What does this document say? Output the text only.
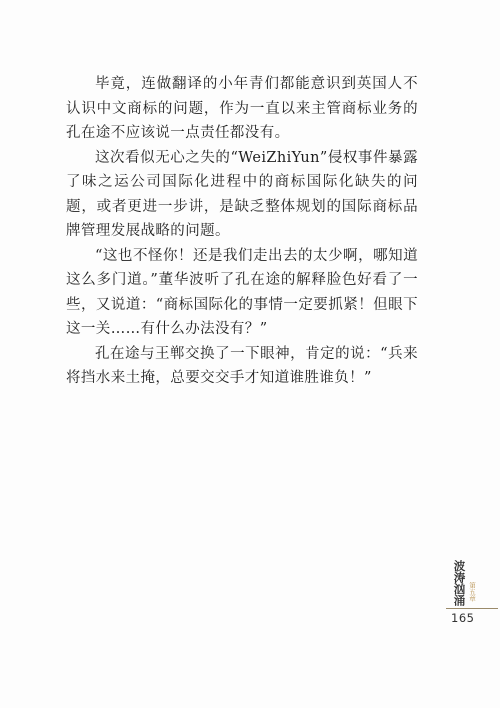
毕竟，连做翻译的小年青们都能意识到英国人不认识中文商标的问题，作为一直以来主管商标业务的孔在途不应该说一点责任都没有。

这次看似无心之失的“WeiZhiYun”侵权事件暴露了味之运公司国际化进程中的商标国际化缺失的问题，或者更进一步讲，是缺乏整体规划的国际商标品牌管理发展战略的问题。

“这也不怪你！还是我们走出去的太少啊，哪知道这么多门道。”董华波听了孔在途的解释脸色好看了一些，又说道：“商标国际化的事情一定要抓紧！但眼下这一关……有什么办法没有？”

孔在途与王郸交换了一下眼神，肯定的说：“兵来将挡水来土掩，总要交交手才知道谁胜谁负！”

波涛汹涌 第五章
165
